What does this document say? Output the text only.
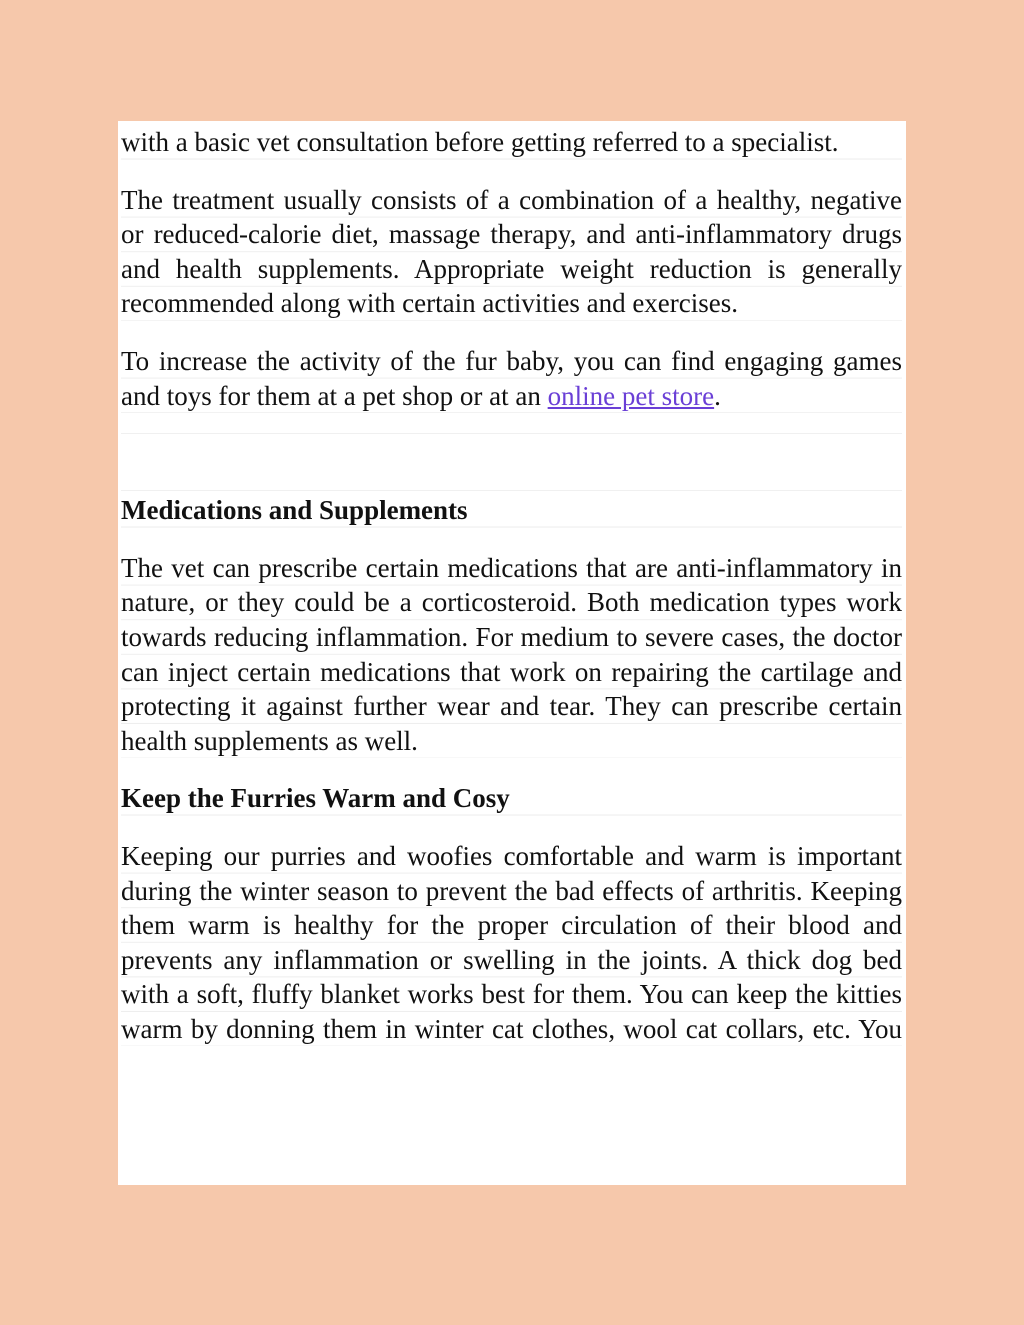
with a basic vet consultation before getting referred to a specialist.

The treatment usually consists of a combination of a healthy, negative or reduced-calorie diet, massage therapy, and anti-inflammatory drugs and health supplements. Appropriate weight reduction is generally recommended along with certain activities and exercises.

To increase the activity of the fur baby, you can find engaging games and toys for them at a pet shop or at an online pet store.

Medications and Supplements

The vet can prescribe certain medications that are anti-inflammatory in nature, or they could be a corticosteroid. Both medication types work towards reducing inflammation. For medium to severe cases, the doctor can inject certain medications that work on repairing the cartilage and protecting it against further wear and tear. They can prescribe certain health supplements as well.

Keep the Furries Warm and Cosy

Keeping our purries and woofies comfortable and warm is important during the winter season to prevent the bad effects of arthritis. Keeping them warm is healthy for the proper circulation of their blood and prevents any inflammation or swelling in the joints. A thick dog bed with a soft, fluffy blanket works best for them. You can keep the kitties warm by donning them in winter cat clothes, wool cat collars, etc. You
